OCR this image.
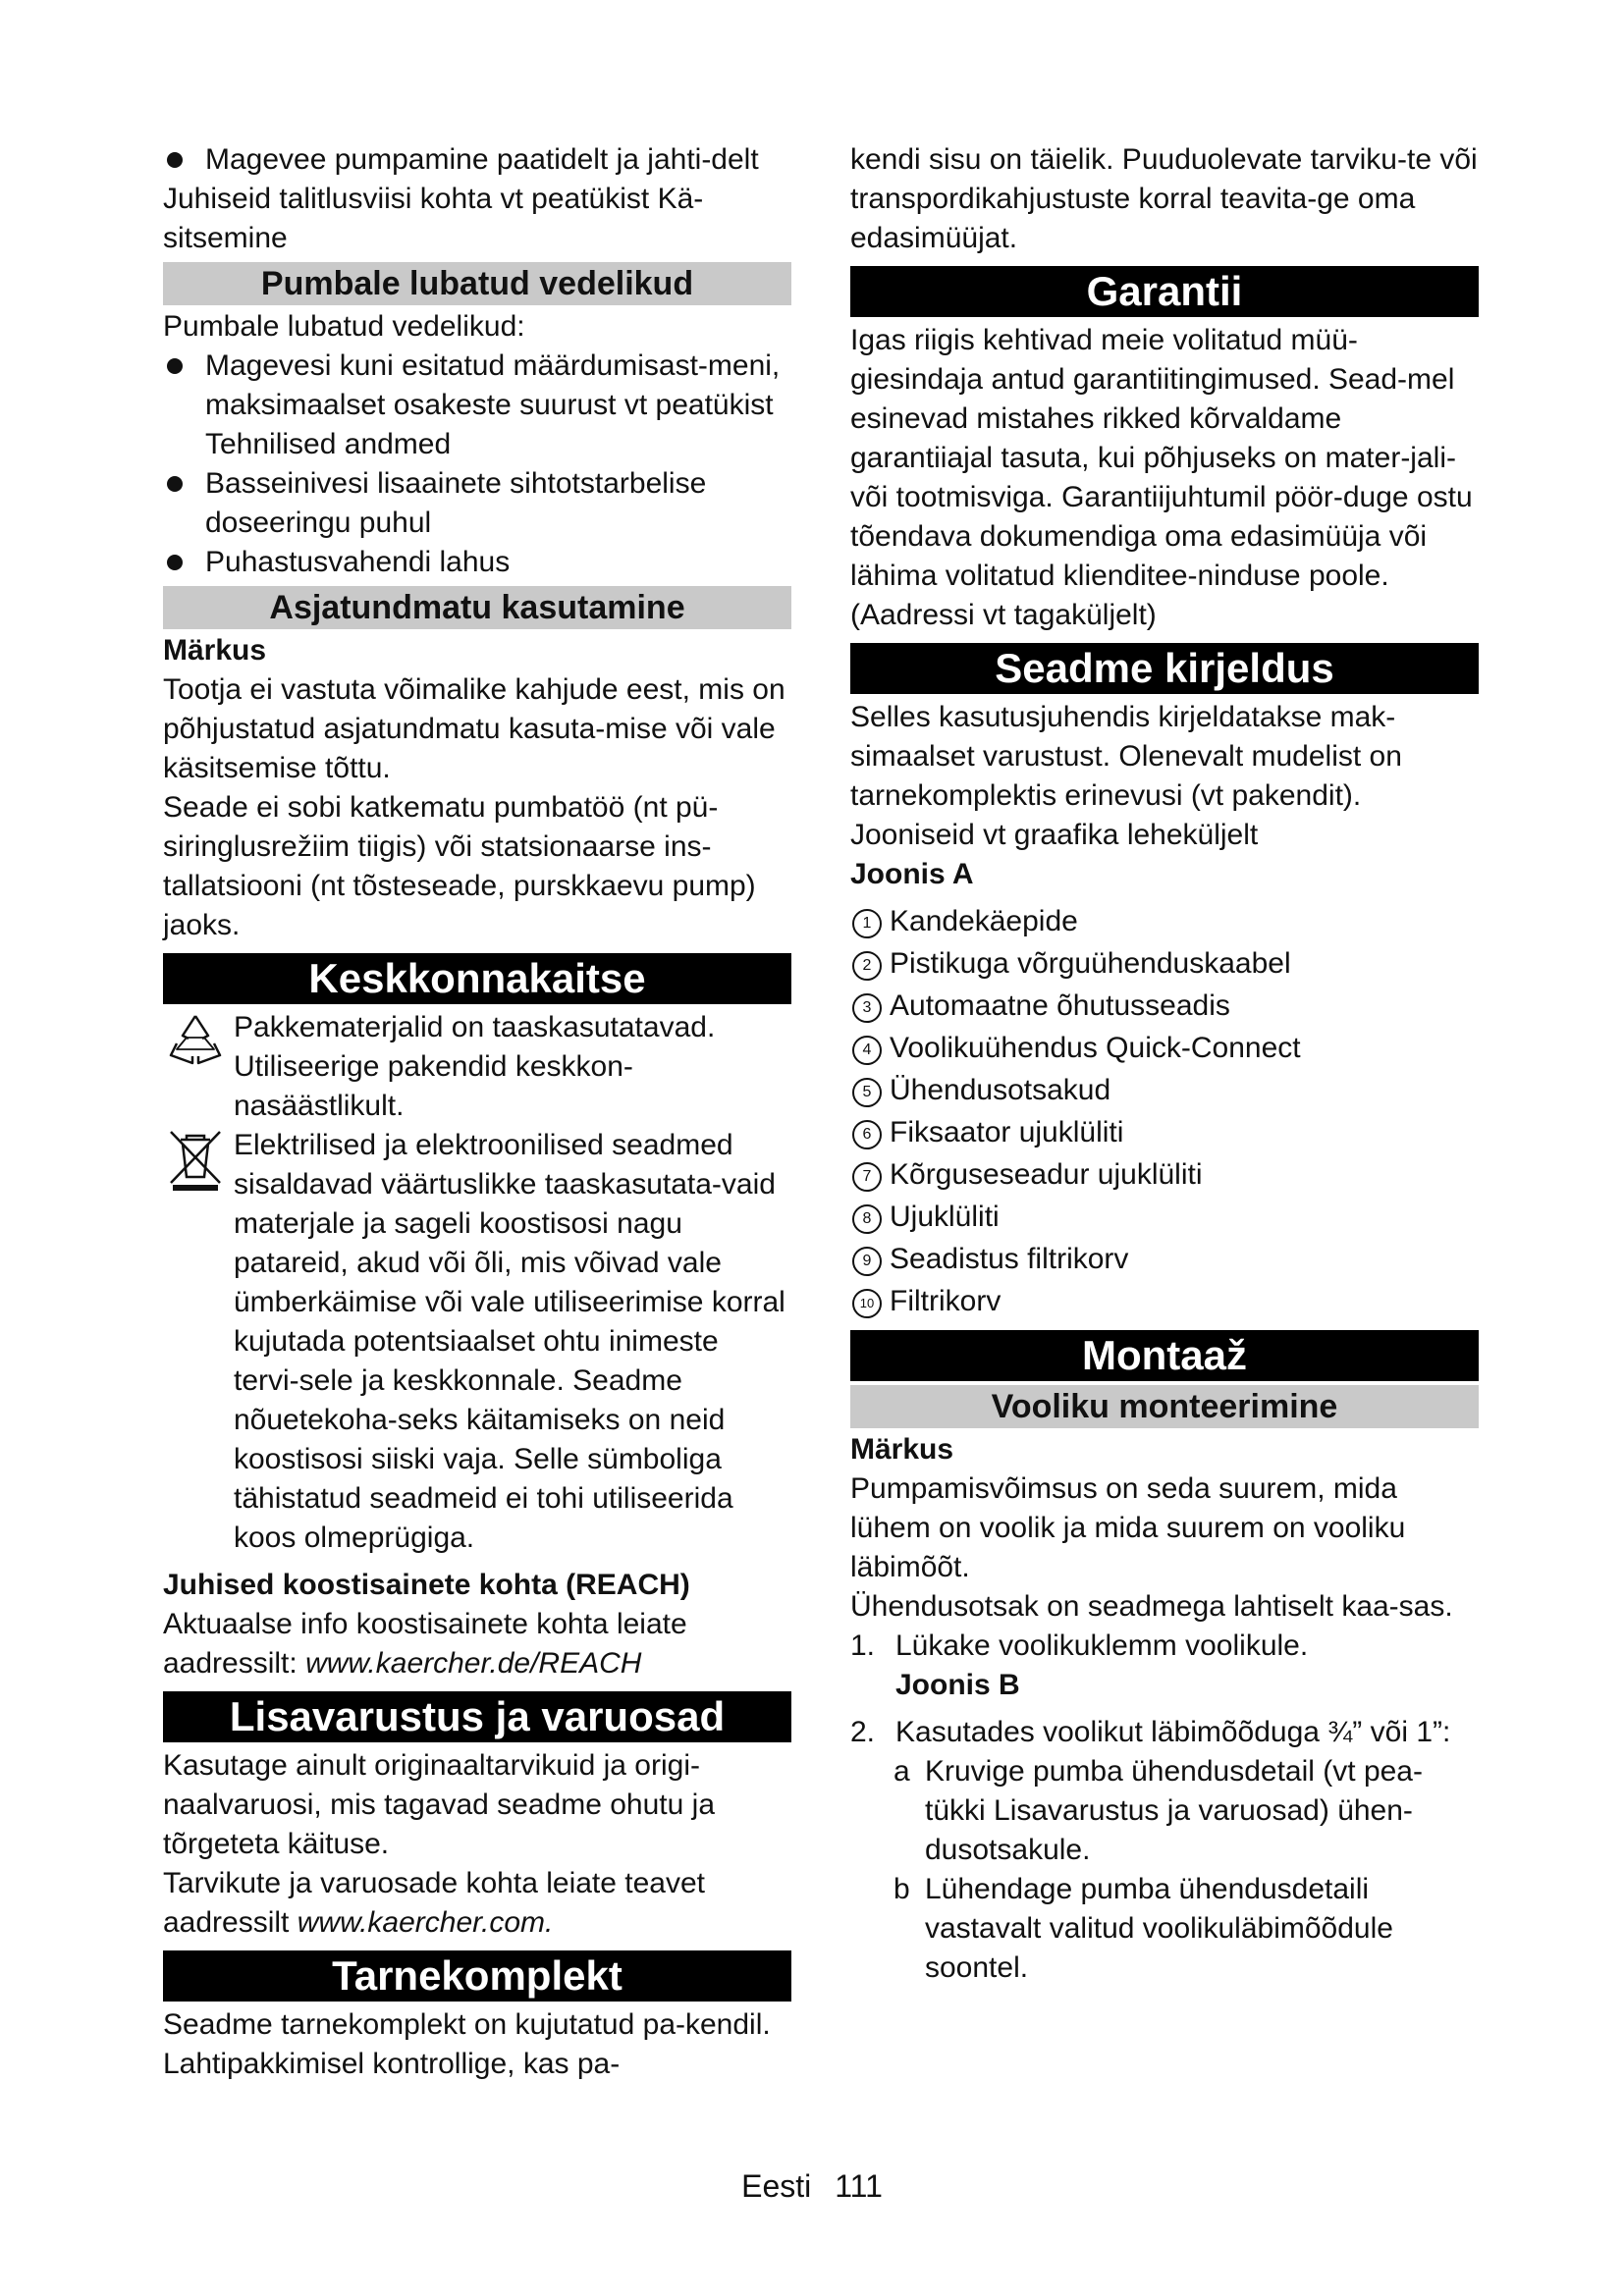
Magevee pumpamine paatidelt ja jahti-delt

Juhiseid talitlusviisi kohta vt peatükist Kä-sitsemine

Pumbale lubatud vedelikud

Pumbale lubatud vedelikud:

Magevesi kuni esitatud määrdumisast-meni, maksimaalset osakeste suurust vt peatükist Tehnilised andmed

Basseinivesi lisaainete sihtotstarbelise doseeringu puhul

Puhastusvahendi lahus

Asjatundmatu kasutamine

Märkus

Tootja ei vastuta võimalike kahjude eest, mis on põhjustatud asjatundmatu kasuta-mise või vale käsitsemise tõttu.

Seade ei sobi katkematu pumbatöö (nt pü-siringlusrežiim tiigis) või statsionaarse ins-tallatsiooni (nt tõsteseade, purskkaevu pump) jaoks.

Keskkonnakaitse

Pakkematerjalid on taaskasutatavad. Utiliseerige pakendid keskkon-nasäästlikult.

Elektrilised ja elektroonilised seadmed sisaldavad väärtuslikke taaskasutata-vaid materjale ja sageli koostisosi nagu patareid, akud või õli, mis võivad vale ümberkäimise või vale utiliseerimise korral kujutada potentsiaalset ohtu inimeste tervi-sele ja keskkonnale. Seadme nõuetekoha-seks käitamiseks on neid koostisosi siiski vaja. Selle sümboliga tähistatud seadmeid ei tohi utiliseerida koos olmeprügiga.

Juhised koostisainete kohta (REACH)

Aktuaalse info koostisainete kohta leiate aadressilt: www.kaercher.de/REACH

Lisavarustus ja varuosad

Kasutage ainult originaaltarvikuid ja origi-naalvaruosi, mis tagavad seadme ohutu ja tõrgeteta käituse.

Tarvikute ja varuosade kohta leiate teavet aadressilt www.kaercher.com.

Tarnekomplekt

Seadme tarnekomplekt on kujutatud pa-kendil. Lahtipakkimisel kontrollige, kas pa-

kendi sisu on täielik. Puuduolevate tarviku-te või transpordikahjustuste korral teavita-ge oma edasimüüjat.

Garantii

Igas riigis kehtivad meie volitatud müü-giesindaja antud garantiitingimused. Sead-mel esinevad mistahes rikked kõrvaldame garantiiajal tasuta, kui põhjuseks on mater-jali- või tootmisviga. Garantiijuhtumil pöör-duge ostu tõendava dokumendiga oma edasimüüja või lähima volitatud klienditee-ninduse poole.

(Aadressi vt tagaküljelt)

Seadme kirjeldus

Selles kasutusjuhendis kirjeldatakse mak-simaalset varustust. Olenevalt mudelist on tarnekomplektis erinevusi (vt pakendit).

Jooniseid vt graafika leheküljelt

Joonis A

1 Kandekäepide
2 Pistikuga võrguühenduskaabel
3 Automaatne õhutusseadis
4 Voolikuühendus Quick-Connect
5 Ühendusotsakud
6 Fiksaator ujuklüliti
7 Kõrguseseadur ujuklüliti
8 Ujuklüliti
9 Seadistus filtrikorv
10 Filtrikorv
Montaaž
Vooliku monteerimine

Märkus

Pumpamisvõimsus on seda suurem, mida lühem on voolik ja mida suurem on vooliku läbimõõt.

Ühendusotsak on seadmega lahtiselt kaa-sas.

1. Lükake voolikuklemm voolikule.

Joonis B

2. Kasutades voolikut läbimõõduga ¾” või 1”:
a Kruvige pumba ühendusdetail (vt pea-tükki Lisavarustus ja varuosad) ühen-dusotsakule.
b Lühendage pumba ühendusdetaili vastavalt valitud voolikuläbimõõdule soontel.
Eesti 111
